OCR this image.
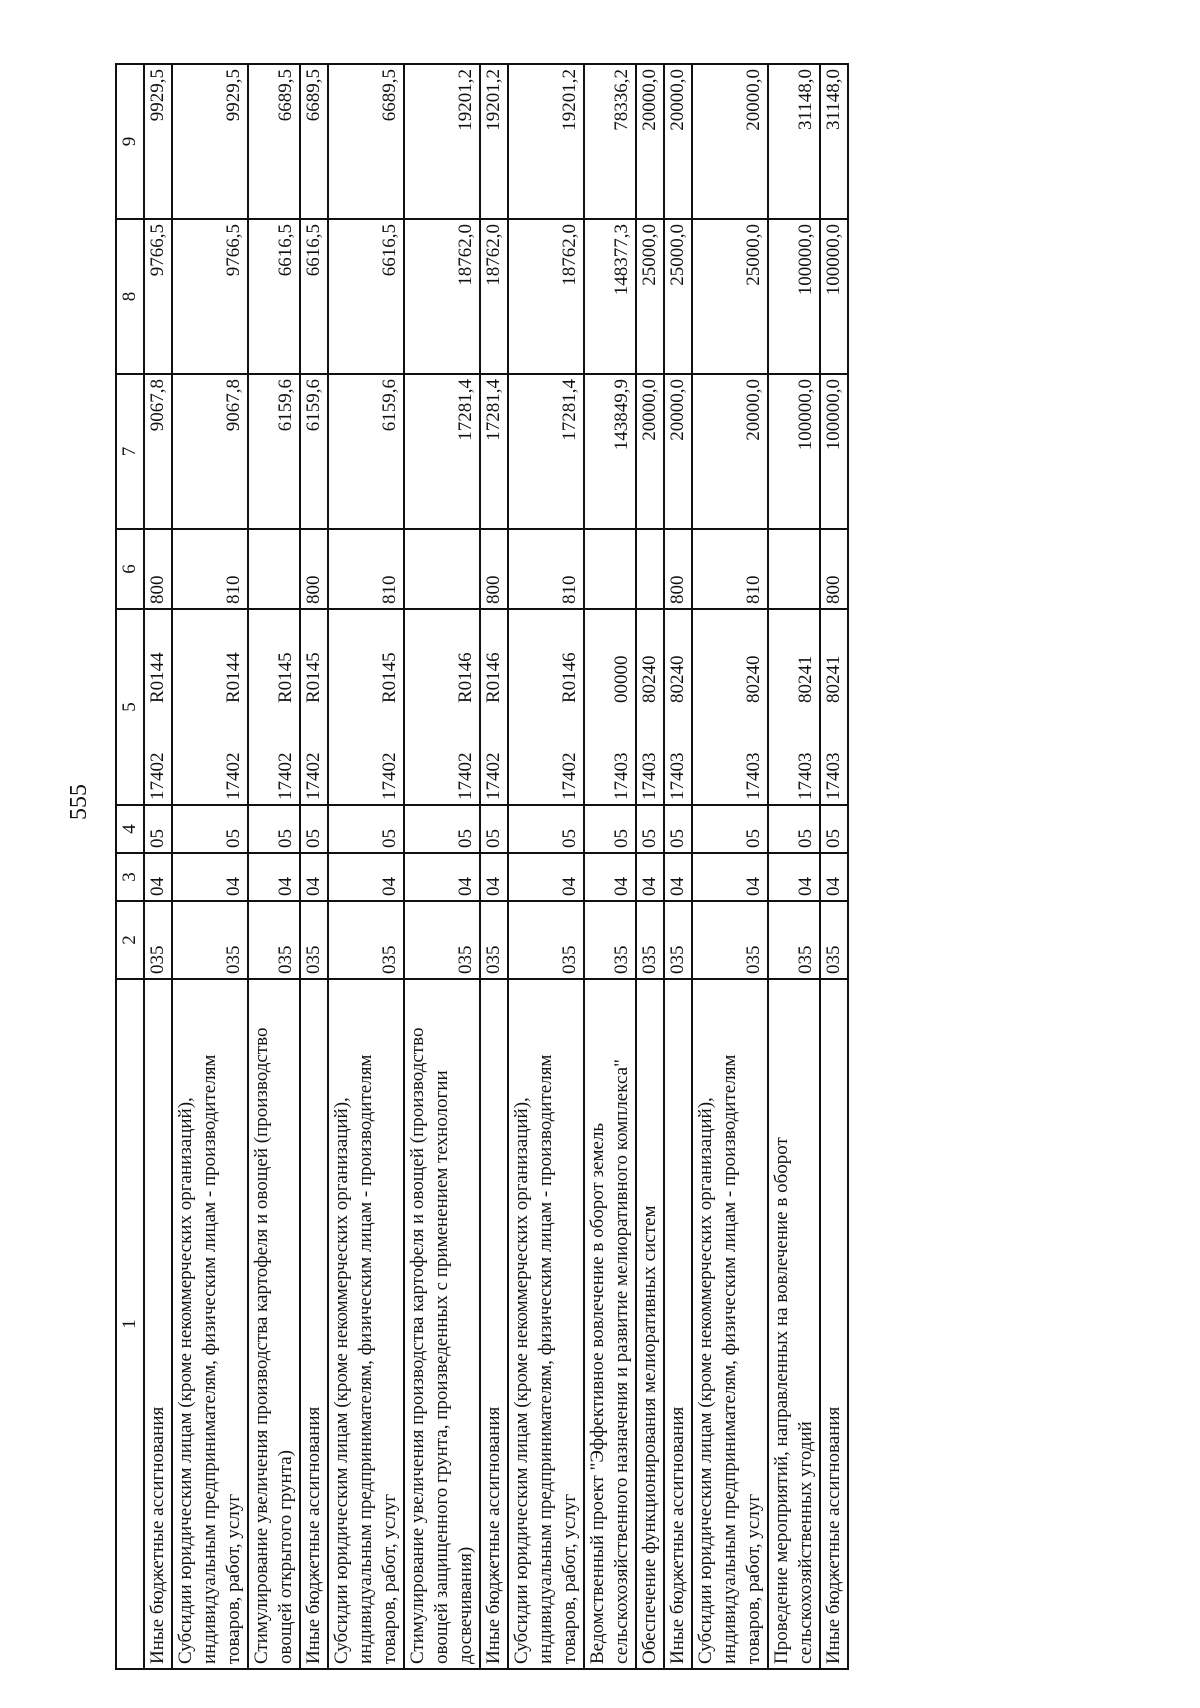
555
1	2	3	4	5		6	7	8	9
Иные бюджетные ассигнования	035	04	05	17402	R0144	800	9067,8	9766,5	9929,5
Субсидии юридическим лицам (кроме некоммерческих организаций), индивидуальным предпринимателям, физическим лицам - производителям товаров, работ, услуг	035	04	05	17402	R0144	810	9067,8	9766,5	9929,5
Стимулирование увеличения производства картофеля и овощей (производство овощей открытого грунта)	035	04	05	17402	R0145		6159,6	6616,5	6689,5
Иные бюджетные ассигнования	035	04	05	17402	R0145	800	6159,6	6616,5	6689,5
Субсидии юридическим лицам (кроме некоммерческих организаций), индивидуальным предпринимателям, физическим лицам - производителям товаров, работ, услуг	035	04	05	17402	R0145	810	6159,6	6616,5	6689,5
Стимулирование увеличения производства картофеля и овощей (производство овощей защищенного грунта, произведенных с применением технологии досвечивания)	035	04	05	17402	R0146		17281,4	18762,0	19201,2
Иные бюджетные ассигнования	035	04	05	17402	R0146	800	17281,4	18762,0	19201,2
Субсидии юридическим лицам (кроме некоммерческих организаций), индивидуальным предпринимателям, физическим лицам - производителям товаров, работ, услуг	035	04	05	17402	R0146	810	17281,4	18762,0	19201,2
Ведомственный проект "Эффективное вовлечение в оборот земель сельскохозяйственного назначения и развитие мелиоративного комплекса"	035	04	05	17403	00000		143849,9	148377,3	78336,2
Обеспечение функционирования мелиоративных систем	035	04	05	17403	80240		20000,0	25000,0	20000,0
Иные бюджетные ассигнования	035	04	05	17403	80240	800	20000,0	25000,0	20000,0
Субсидии юридическим лицам (кроме некоммерческих организаций), индивидуальным предпринимателям, физическим лицам - производителям товаров, работ, услуг	035	04	05	17403	80240	810	20000,0	25000,0	20000,0
Проведение мероприятий, направленных на вовлечение в оборот сельскохозяйственных угодий	035	04	05	17403	80241		100000,0	100000,0	31148,0
Иные бюджетные ассигнования	035	04	05	17403	80241	800	100000,0	100000,0	31148,0
